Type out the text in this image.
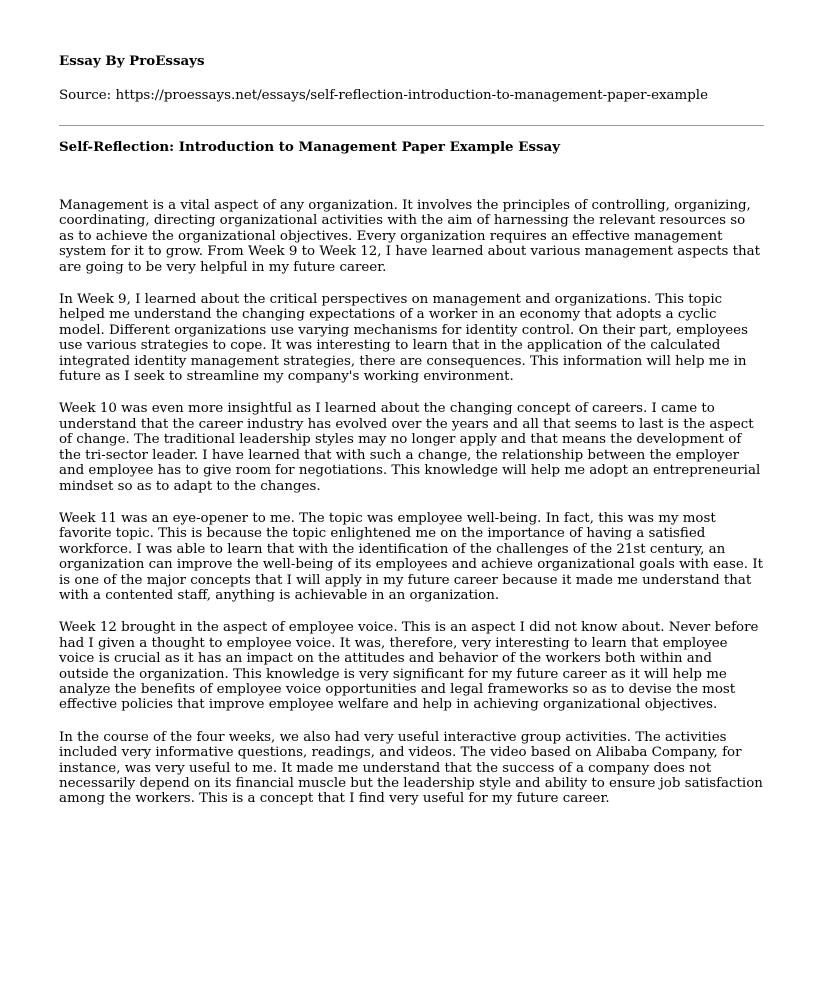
Essay By ProEssays

Source: https://proessays.net/essays/self-reflection-introduction-to-management-paper-example

Self-Reflection: Introduction to Management Paper Example Essay

Management is a vital aspect of any organization. It involves the principles of controlling, organizing, coordinating, directing organizational activities with the aim of harnessing the relevant resources so as to achieve the organizational objectives. Every organization requires an effective management system for it to grow. From Week 9 to Week 12, I have learned about various management aspects that are going to be very helpful in my future career.

In Week 9, I learned about the critical perspectives on management and organizations. This topic helped me understand the changing expectations of a worker in an economy that adopts a cyclic model. Different organizations use varying mechanisms for identity control. On their part, employees use various strategies to cope. It was interesting to learn that in the application of the calculated integrated identity management strategies, there are consequences. This information will help me in future as I seek to streamline my company's working environment.

Week 10 was even more insightful as I learned about the changing concept of careers. I came to understand that the career industry has evolved over the years and all that seems to last is the aspect of change. The traditional leadership styles may no longer apply and that means the development of the tri-sector leader. I have learned that with such a change, the relationship between the employer and employee has to give room for negotiations. This knowledge will help me adopt an entrepreneurial mindset so as to adapt to the changes.

Week 11 was an eye-opener to me. The topic was employee well-being. In fact, this was my most favorite topic. This is because the topic enlightened me on the importance of having a satisfied workforce. I was able to learn that with the identification of the challenges of the 21st century, an organization can improve the well-being of its employees and achieve organizational goals with ease. It is one of the major concepts that I will apply in my future career because it made me understand that with a contented staff, anything is achievable in an organization.

Week 12 brought in the aspect of employee voice. This is an aspect I did not know about. Never before had I given a thought to employee voice. It was, therefore, very interesting to learn that employee voice is crucial as it has an impact on the attitudes and behavior of the workers both within and outside the organization. This knowledge is very significant for my future career as it will help me analyze the benefits of employee voice opportunities and legal frameworks so as to devise the most effective policies that improve employee welfare and help in achieving organizational objectives.

In the course of the four weeks, we also had very useful interactive group activities. The activities included very informative questions, readings, and videos. The video based on Alibaba Company, for instance, was very useful to me. It made me understand that the success of a company does not necessarily depend on its financial muscle but the leadership style and ability to ensure job satisfaction among the workers. This is a concept that I find very useful for my future career.
